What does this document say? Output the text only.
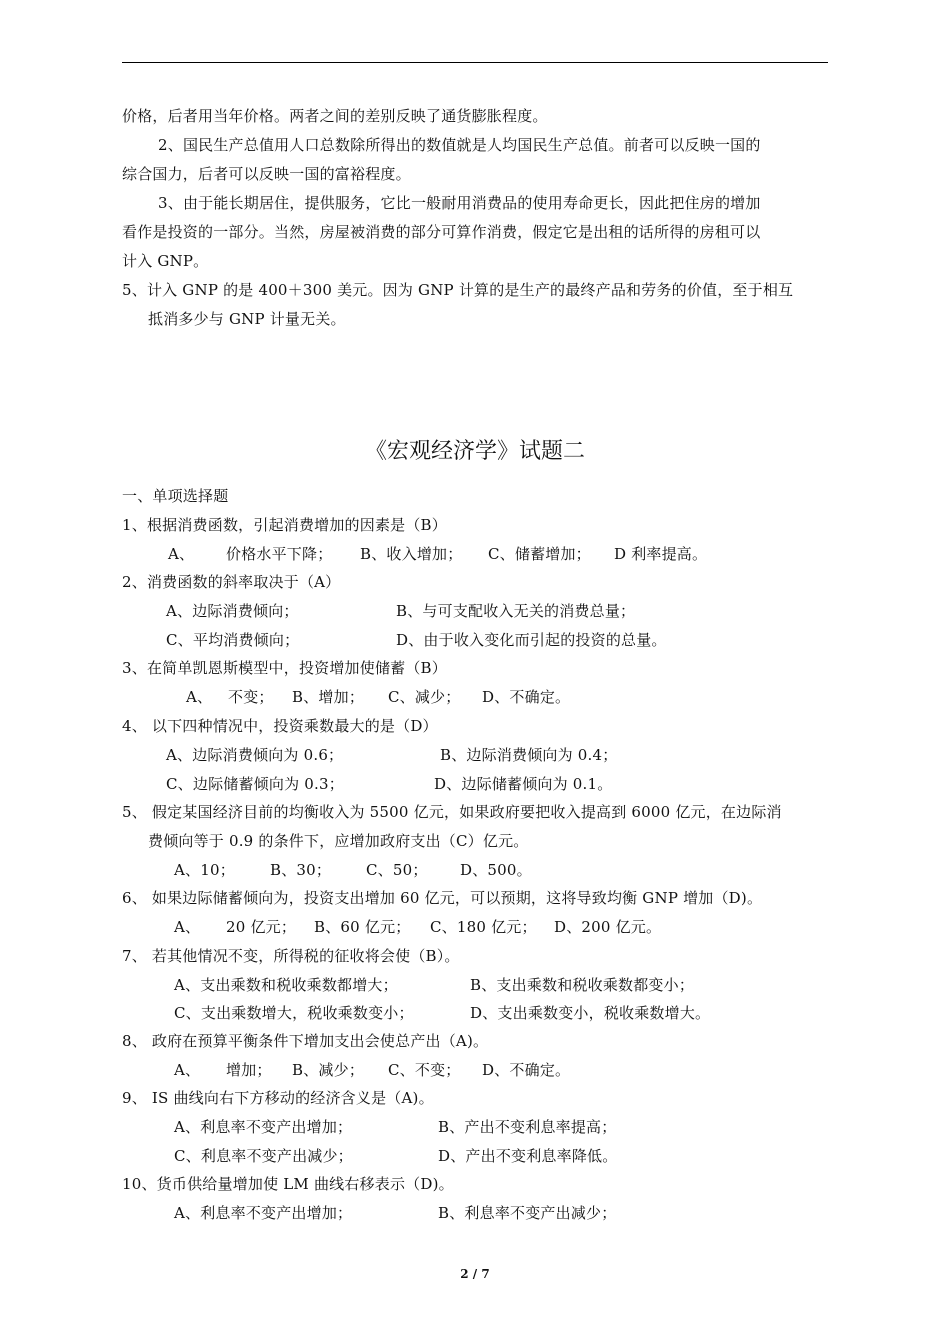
价格，后者用当年价格。两者之间的差别反映了通货膨胀程度。
2、国民生产总值用人口总数除所得出的数值就是人均国民生产总值。前者可以反映一国的
综合国力，后者可以反映一国的富裕程度。
3、由于能长期居住，提供服务，它比一般耐用消费品的使用寿命更长，因此把住房的增加
看作是投资的一部分。当然，房屋被消费的部分可算作消费，假定它是出租的话所得的房租可以
计入 GNP。
5、计入 GNP 的是 400＋300 美元。因为 GNP 计算的是生产的最终产品和劳务的价值，至于相互
抵消多少与 GNP 计量无关。
《宏观经济学》试题二
一、单项选择题
1、根据消费函数，引起消费增加的因素是（B）
A、 价格水平下降； B、收入增加； C、储蓄增加； D 利率提高。
2、消费函数的斜率取决于（A）
A、边际消费倾向；	B、与可支配收入无关的消费总量；
C、平均消费倾向；	D、由于收入变化而引起的投资的总量。
3、在简单凯恩斯模型中，投资增加使储蓄（B）
A、 不变； B、增加； C、减少； D、不确定。
4、 以下四种情况中，投资乘数最大的是（D）
A、边际消费倾向为 0.6；	B、边际消费倾向为 0.4；
C、边际储蓄倾向为 0.3；	D、边际储蓄倾向为 0.1。
5、 假定某国经济目前的均衡收入为 5500 亿元，如果政府要把收入提高到 6000 亿元，在边际消
费倾向等于 0.9 的条件下，应增加政府支出（C）亿元。
A、10； B、30； C、50； D、500。
6、 如果边际储蓄倾向为，投资支出增加 60 亿元，可以预期，这将导致均衡 GNP 增加（D)。
A、 20 亿元； B、60 亿元； C、180 亿元； D、200 亿元。
7、 若其他情况不变，所得税的征收将会使（B）。
A、支出乘数和税收乘数都增大；	B、支出乘数和税收乘数都变小；
C、支出乘数增大，税收乘数变小；	D、支出乘数变小，税收乘数增大。
8、 政府在预算平衡条件下增加支出会使总产出（A)。
A、 增加； B、减少； C、不变； D、不确定。
9、 IS 曲线向右下方移动的经济含义是（A)。
A、利息率不变产出增加；	B、产出不变利息率提高；
C、利息率不变产出减少；	D、产出不变利息率降低。
10、货币供给量增加使 LM 曲线右移表示（D)。
A、利息率不变产出增加；	B、利息率不变产出减少；
2 / 7
